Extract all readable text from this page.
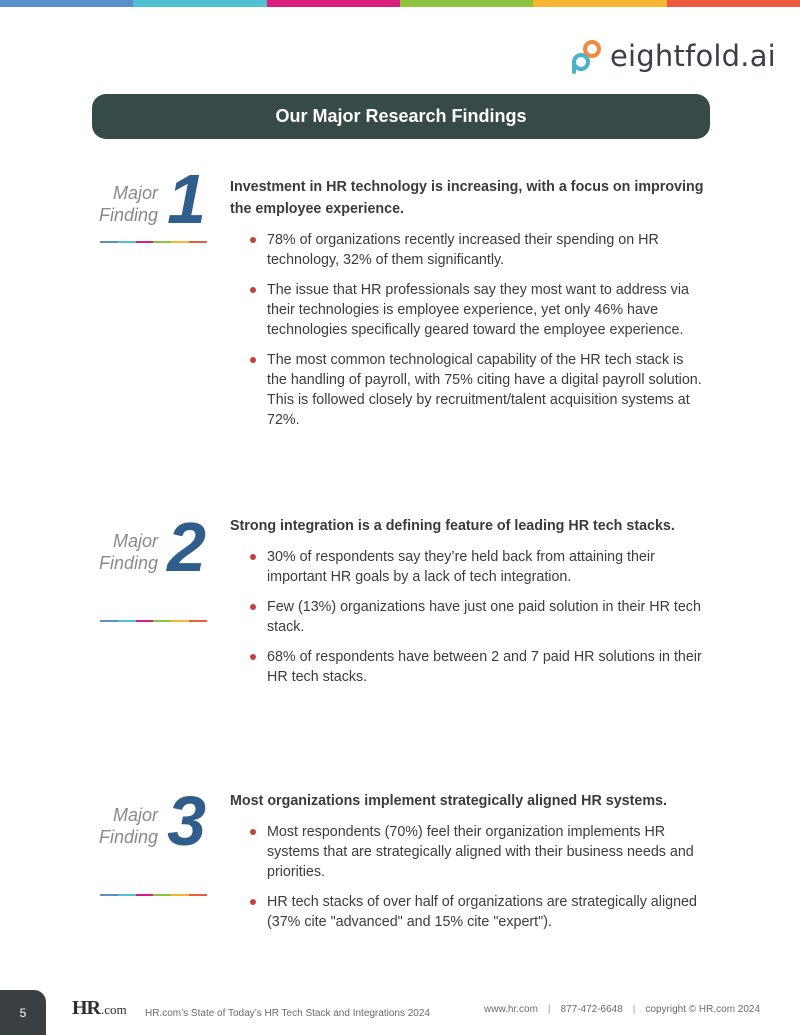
eightfold.ai
Our Major Research Findings
Major
Finding 1 Investment in HR technology is increasing, with a focus on improving the employee experience.
78% of organizations recently increased their spending on HR technology, 32% of them significantly.
The issue that HR professionals say they most want to address via their technologies is employee experience, yet only 46% have technologies specifically geared toward the employee experience.
The most common technological capability of the HR tech stack is the handling of payroll, with 75% citing have a digital payroll solution. This is followed closely by recruitment/talent acquisition systems at 72%.
Major
Finding 2 Strong integration is a defining feature of leading HR tech stacks.
30% of respondents say they’re held back from attaining their important HR goals by a lack of tech integration.
Few (13%) organizations have just one paid solution in their HR tech stack.
68% of respondents have between 2 and 7 paid HR solutions in their HR tech stacks.
Major
Finding 3 Most organizations implement strategically aligned HR systems.
Most respondents (70%) feel their organization implements HR systems that are strategically aligned with their business needs and priorities.
HR tech stacks of over half of organizations are strategically aligned (37% cite "advanced" and 15% cite "expert").
5 HR .com HR.com’s State of Today’s HR Tech Stack and Integrations 2024	www.hr.com | 877-472-6648 | copyright © HR.com 2024
